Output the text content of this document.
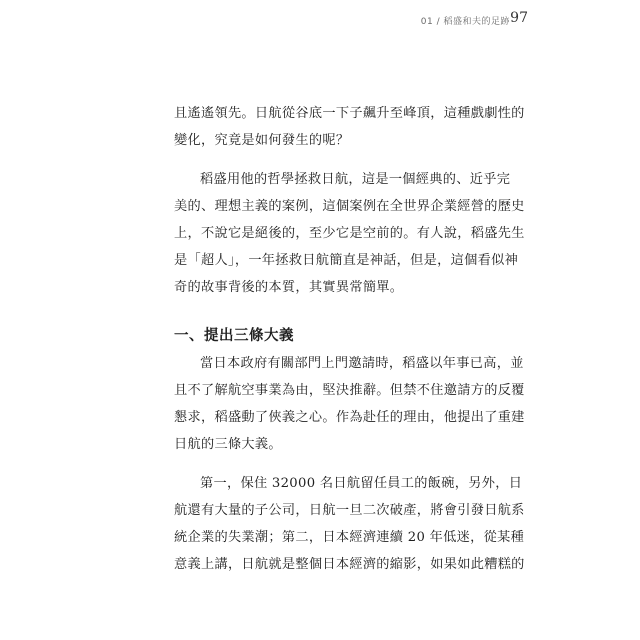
01 / 稻盛和夫的足跡 97

且遙遙領先。日航從谷底一下子飆升至峰頂，這種戲劇性的
變化，究竟是如何發生的呢？

稻盛用他的哲學拯救日航，這是一個經典的、近乎完
美的、理想主義的案例，這個案例在全世界企業經營的歷史
上，不說它是絕後的，至少它是空前的。有人說，稻盛先生
是「超人」，一年拯救日航簡直是神話，但是，這個看似神
奇的故事背後的本質，其實異常簡單。

一、提出三條大義

當日本政府有關部門上門邀請時，稻盛以年事已高，並
且不了解航空事業為由，堅決推辭。但禁不住邀請方的反覆
懇求，稻盛動了俠義之心。作為赴任的理由，他提出了重建
日航的三條大義。

第一，保住 32000 名日航留任員工的飯碗，另外，日
航還有大量的子公司，日航一旦二次破產，將會引發日航系
統企業的失業潮；第二，日本經濟連續 20 年低迷，從某種
意義上講，日航就是整個日本經濟的縮影，如果如此糟糕的
